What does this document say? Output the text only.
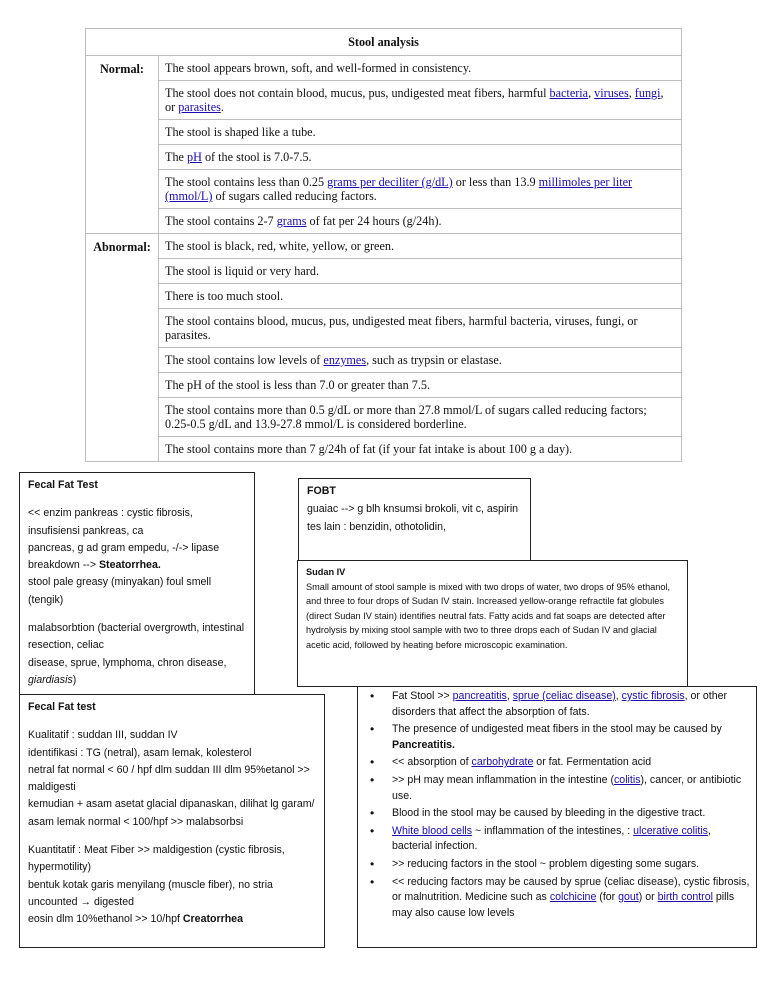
Stool analysis	
Normal:	The stool appears brown, soft, and well-formed in consistency.
	The stool does not contain blood, mucus, pus, undigested meat fibers, harmful bacteria, viruses, fungi, or parasites.
	The stool is shaped like a tube.
	The pH of the stool is 7.0-7.5.
	The stool contains less than 0.25 grams per deciliter (g/dL) or less than 13.9 millimoles per liter (mmol/L) of sugars called reducing factors.
	The stool contains 2-7 grams of fat per 24 hours (g/24h).
Abnormal:	The stool is black, red, white, yellow, or green.
	The stool is liquid or very hard.
	There is too much stool.
	The stool contains blood, mucus, pus, undigested meat fibers, harmful bacteria, viruses, fungi, or parasites.
	The stool contains low levels of enzymes, such as trypsin or elastase.
	The pH of the stool is less than 7.0 or greater than 7.5.
	The stool contains more than 0.5 g/dL or more than 27.8 mmol/L of sugars called reducing factors; 0.25-0.5 g/dL and 13.9-27.8 mmol/L is considered borderline.
	The stool contains more than 7 g/24h of fat (if your fat intake is about 100 g a day).
Fecal Fat Test
<< enzim pankreas : cystic fibrosis, insufisiensi pankreas, ca
pancreas, g ad gram empedu, -/-> lipase breakdown --> Steatorrhea.
stool pale greasy (minyakan) foul smell (tengik)
malabsorbtion (bacterial overgrowth, intestinal resection, celiac
disease, sprue, lymphoma, chron disease, giardiasis)
FOBT
guaiac --> g blh knsumsi brokoli, vit c, aspirin
tes lain : benzidin, othotolidin,
Sudan IV
Small amount of stool sample is mixed with two drops of water, two drops of 95% ethanol, and three to four drops of Sudan IV stain. Increased yellow-orange refractile fat globules (direct Sudan IV stain) identifies neutral fats. Fatty acids and fat soaps are detected after hydrolysis by mixing stool sample with two to three drops each of Sudan IV and glacial acetic acid, followed by heating before microscopic examination.
Fecal Fat test
Kualitatif : suddan III, suddan IV
identifikasi : TG (netral), asam lemak, kolesterol
netral fat normal < 60 / hpf dlm suddan III dlm 95%etanol >> maldigesti
kemudian + asam asetat glacial dipanaskan, dilihat lg garam/ asam lemak normal < 100/hpf >> malabsorbsi
Kuantitatif : Meat Fiber >> maldigestion (cystic fibrosis, hypermotility)
bentuk kotak garis menyilang (muscle fiber), no stria
uncounted → digested
eosin dlm 10%ethanol >> 10/hpf Creatorrhea
• Fat Stool >> pancreatitis, sprue (celiac disease), cystic fibrosis, or other disorders that affect the absorption of fats.
• The presence of undigested meat fibers in the stool may be caused by Pancreatitis.
• << absorption of carbohydrate or fat. Fermentation acid
• >> pH may mean inflammation in the intestine (colitis), cancer, or antibiotic use.
• Blood in the stool may be caused by bleeding in the digestive tract.
• White blood cells ~ inflammation of the intestines, : ulcerative colitis, bacterial infection.
• >> reducing factors in the stool ~ problem digesting some sugars.
• << reducing factors may be caused by sprue (celiac disease), cystic fibrosis, or malnutrition. Medicine such as colchicine (for gout) or birth control pills may also cause low levels
